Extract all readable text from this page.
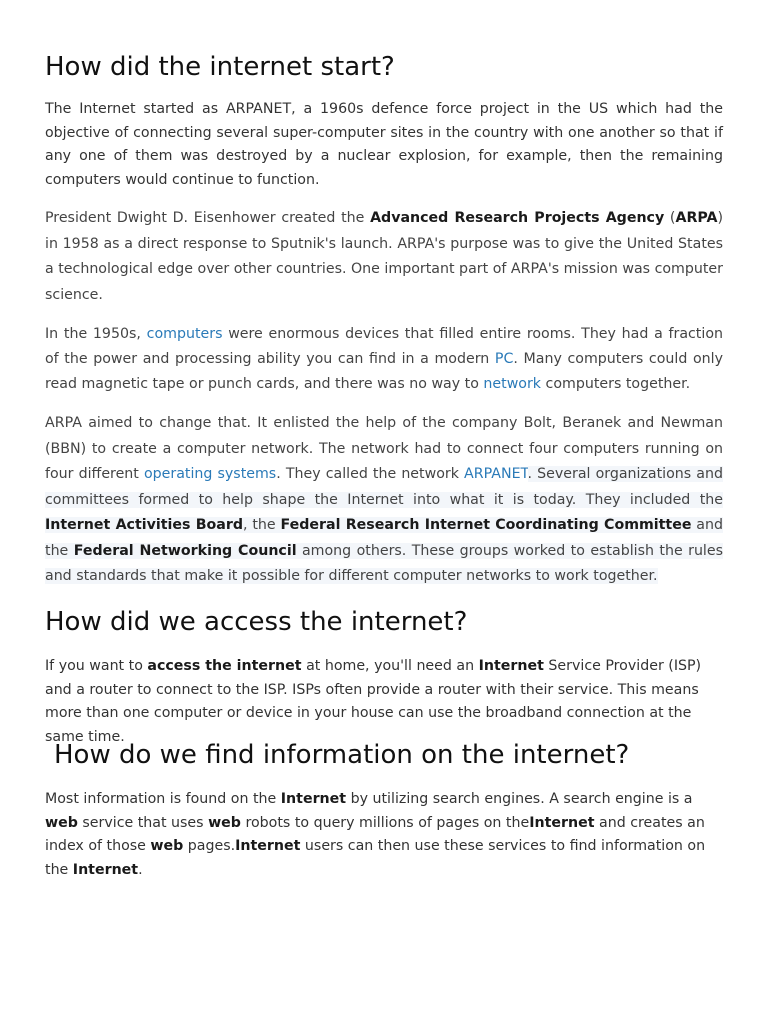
How did the internet start?

The Internet started as ARPANET, a 1960s defence force project in the US which had the objective of connecting several super-computer sites in the country with one another so that if any one of them was destroyed by a nuclear explosion, for example, then the remaining computers would continue to function.

President Dwight D. Eisenhower created the Advanced Research Projects Agency (ARPA) in 1958 as a direct response to Sputnik's launch. ARPA's purpose was to give the United States a technological edge over other countries. One important part of ARPA's mission was computer science.

In the 1950s, computers were enormous devices that filled entire rooms. They had a fraction of the power and processing ability you can find in a modern PC. Many computers could only read magnetic tape or punch cards, and there was no way to network computers together.

ARPA aimed to change that. It enlisted the help of the company Bolt, Beranek and Newman (BBN) to create a computer network. The network had to connect four computers running on four different operating systems. They called the network ARPANET. Several organizations and committees formed to help shape the Internet into what it is today. They included the Internet Activities Board, the Federal Research Internet Coordinating Committee and the Federal Networking Council among others. These groups worked to establish the rules and standards that make it possible for different computer networks to work together.

How did we access the internet?

If you want to access the internet at home, you'll need an Internet Service Provider (ISP) and a router to connect to the ISP. ISPs often provide a router with their service. This means more than one computer or device in your house can use the broadband connection at the same time.

How do we find information on the internet?

Most information is found on the Internet by utilizing search engines. A search engine is a web service that uses web robots to query millions of pages on theInternet and creates an index of those web pages.Internet users can then use these services to find information on the Internet.
